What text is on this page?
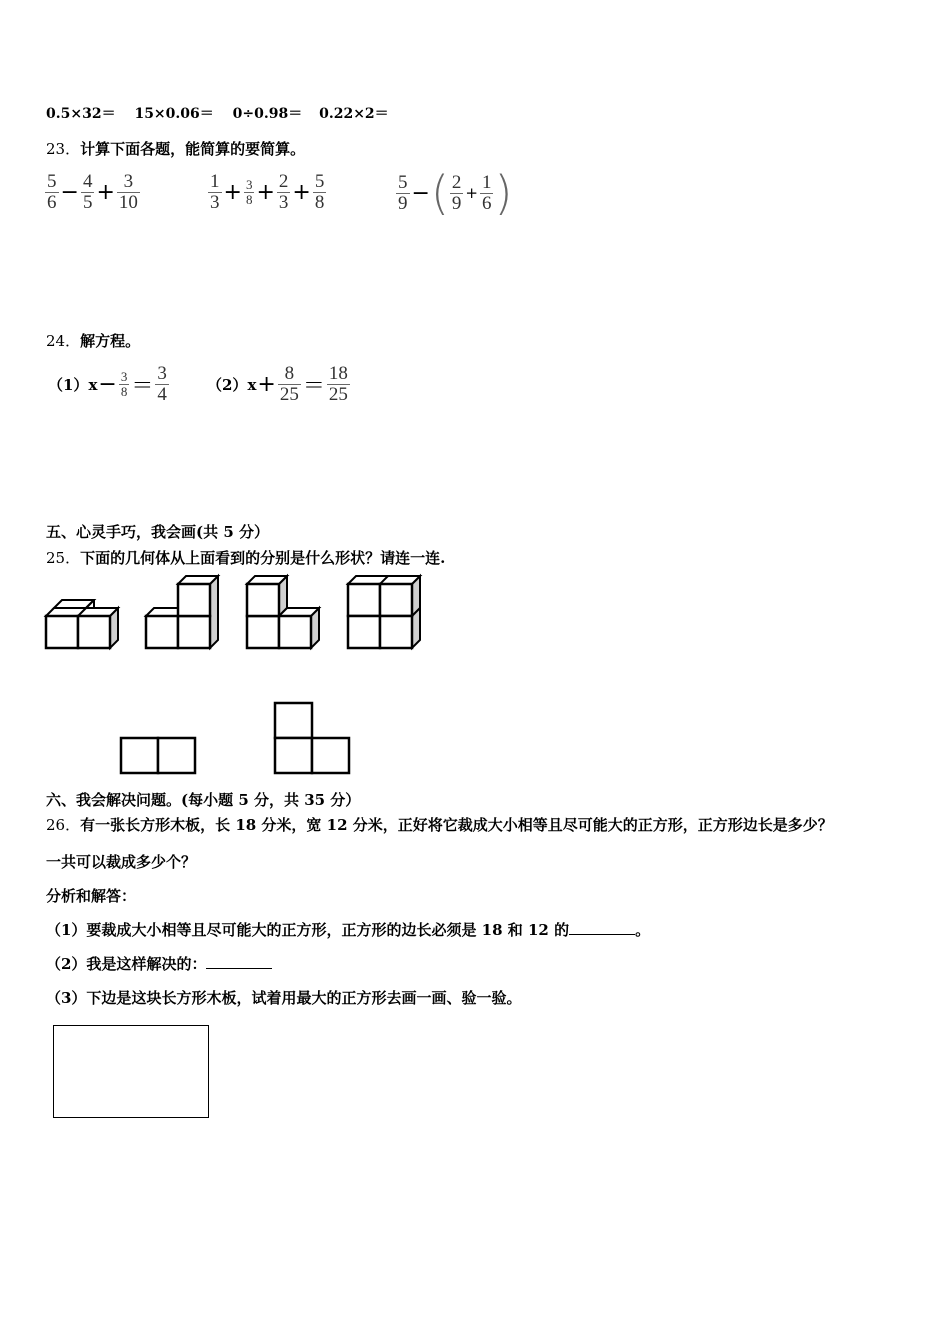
0.5×32＝ 15×0.06＝ 0÷0.98＝ 0.22×2＝
23．计算下面各题，能简算的要简算。
$\frac{5}{6} - \frac{4}{5} + \frac{3}{10}$	$\frac{1}{3} + \frac{3}{8} + \frac{2}{3} + \frac{5}{8}$	$\frac{5}{9}$ − ( $\frac{2}{9} + \frac{1}{6}$ )
24．解方程。
（1） $x - \frac{3}{8} = \frac{3}{4}$	（2） $x + \frac{8}{25} = \frac{18}{25}$
五、心灵手巧，我会画(共 5 分）
25．下面的几何体从上面看到的分别是什么形状？请连一连.
六、我会解决问题。(每小题 5 分，共 35 分）
26．有一张长方形木板，长 18 分米，宽 12 分米，正好将它裁成大小相等且尽可能大的正方形，正方形边长是多少？
一共可以裁成多少个？
分析和解答：
（1）要裁成大小相等且尽可能大的正方形，正方形的边长必须是 18 和 12 的	。
（2）我是这样解决的：
（3）下边是这块长方形木板，试着用最大的正方形去画一画、验一验。
